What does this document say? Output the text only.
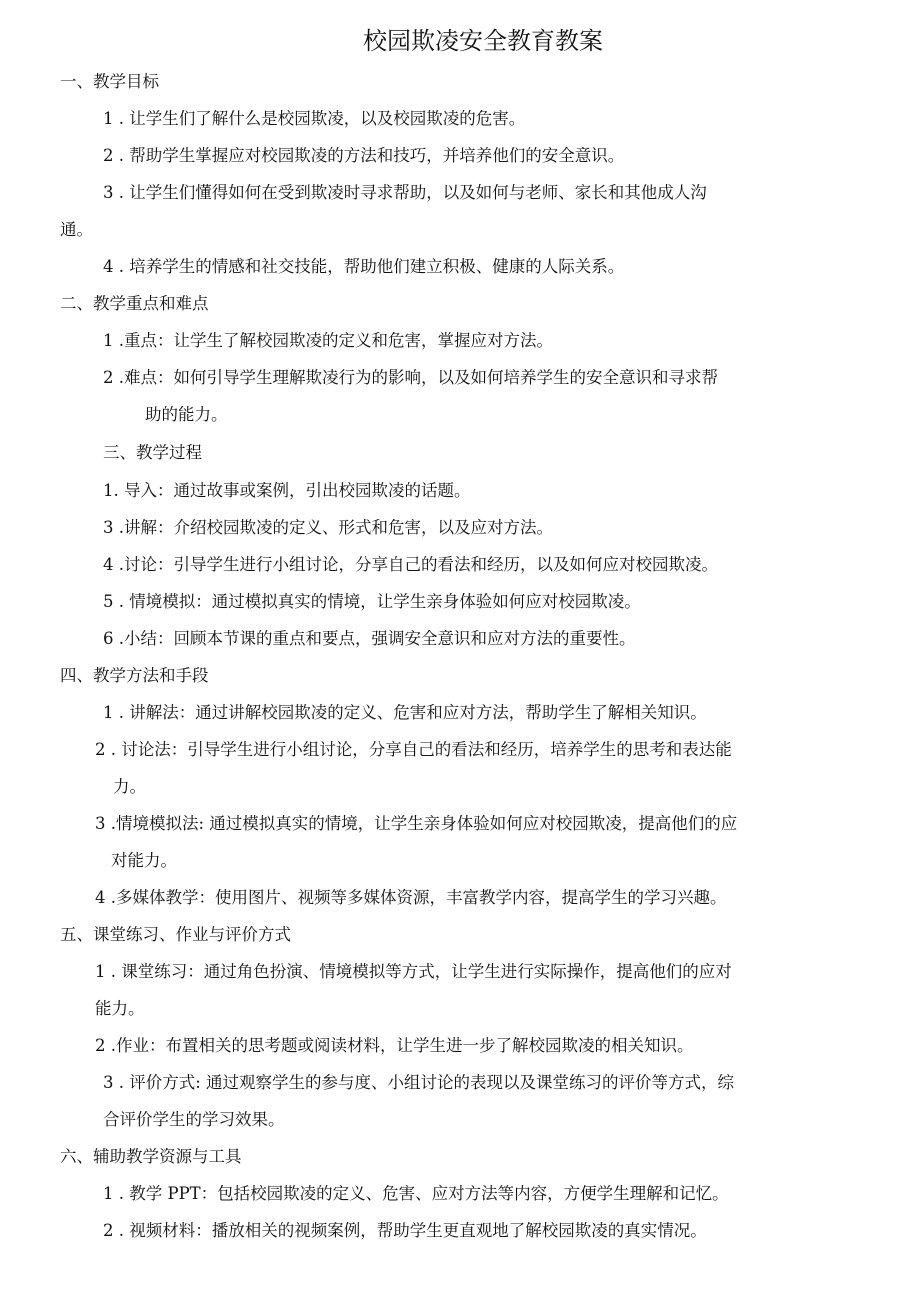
校园欺凌安全教育教案
一、教学目标
1 . 让学生们了解什么是校园欺凌，以及校园欺凌的危害。
2 . 帮助学生掌握应对校园欺凌的方法和技巧，并培养他们的安全意识。
3 . 让学生们懂得如何在受到欺凌时寻求帮助，以及如何与老师、家长和其他成人沟
通。
4 . 培养学生的情感和社交技能，帮助他们建立积极、健康的人际关系。
二、教学重点和难点
1 .重点：让学生了解校园欺凌的定义和危害，掌握应对方法。
2 .难点：如何引导学生理解欺凌行为的影响，以及如何培养学生的安全意识和寻求帮
助的能力。
三、教学过程
1. 导入：通过故事或案例，引出校园欺凌的话题。
3 .讲解：介绍校园欺凌的定义、形式和危害，以及应对方法。
4 .讨论：引导学生进行小组讨论，分享自己的看法和经历，以及如何应对校园欺凌。
5 . 情境模拟：通过模拟真实的情境，让学生亲身体验如何应对校园欺凌。
6 .小结：回顾本节课的重点和要点，强调安全意识和应对方法的重要性。
四、教学方法和手段
1 . 讲解法：通过讲解校园欺凌的定义、危害和应对方法，帮助学生了解相关知识。
2 . 讨论法：引导学生进行小组讨论，分享自己的看法和经历，培养学生的思考和表达能
力。
3 .情境模拟法: 通过模拟真实的情境，让学生亲身体验如何应对校园欺凌，提高他们的应
对能力。
4 .多媒体教学：使用图片、视频等多媒体资源，丰富教学内容，提高学生的学习兴趣。
五、课堂练习、作业与评价方式
1 . 课堂练习：通过角色扮演、情境模拟等方式，让学生进行实际操作，提高他们的应对
能力。
2 .作业：布置相关的思考题或阅读材料，让学生进一步了解校园欺凌的相关知识。
3 . 评价方式: 通过观察学生的参与度、小组讨论的表现以及课堂练习的评价等方式，综
合评价学生的学习效果。
六、辅助教学资源与工具
1 . 教学 PPT：包括校园欺凌的定义、危害、应对方法等内容，方便学生理解和记忆。
2 . 视频材料：播放相关的视频案例，帮助学生更直观地了解校园欺凌的真实情况。
